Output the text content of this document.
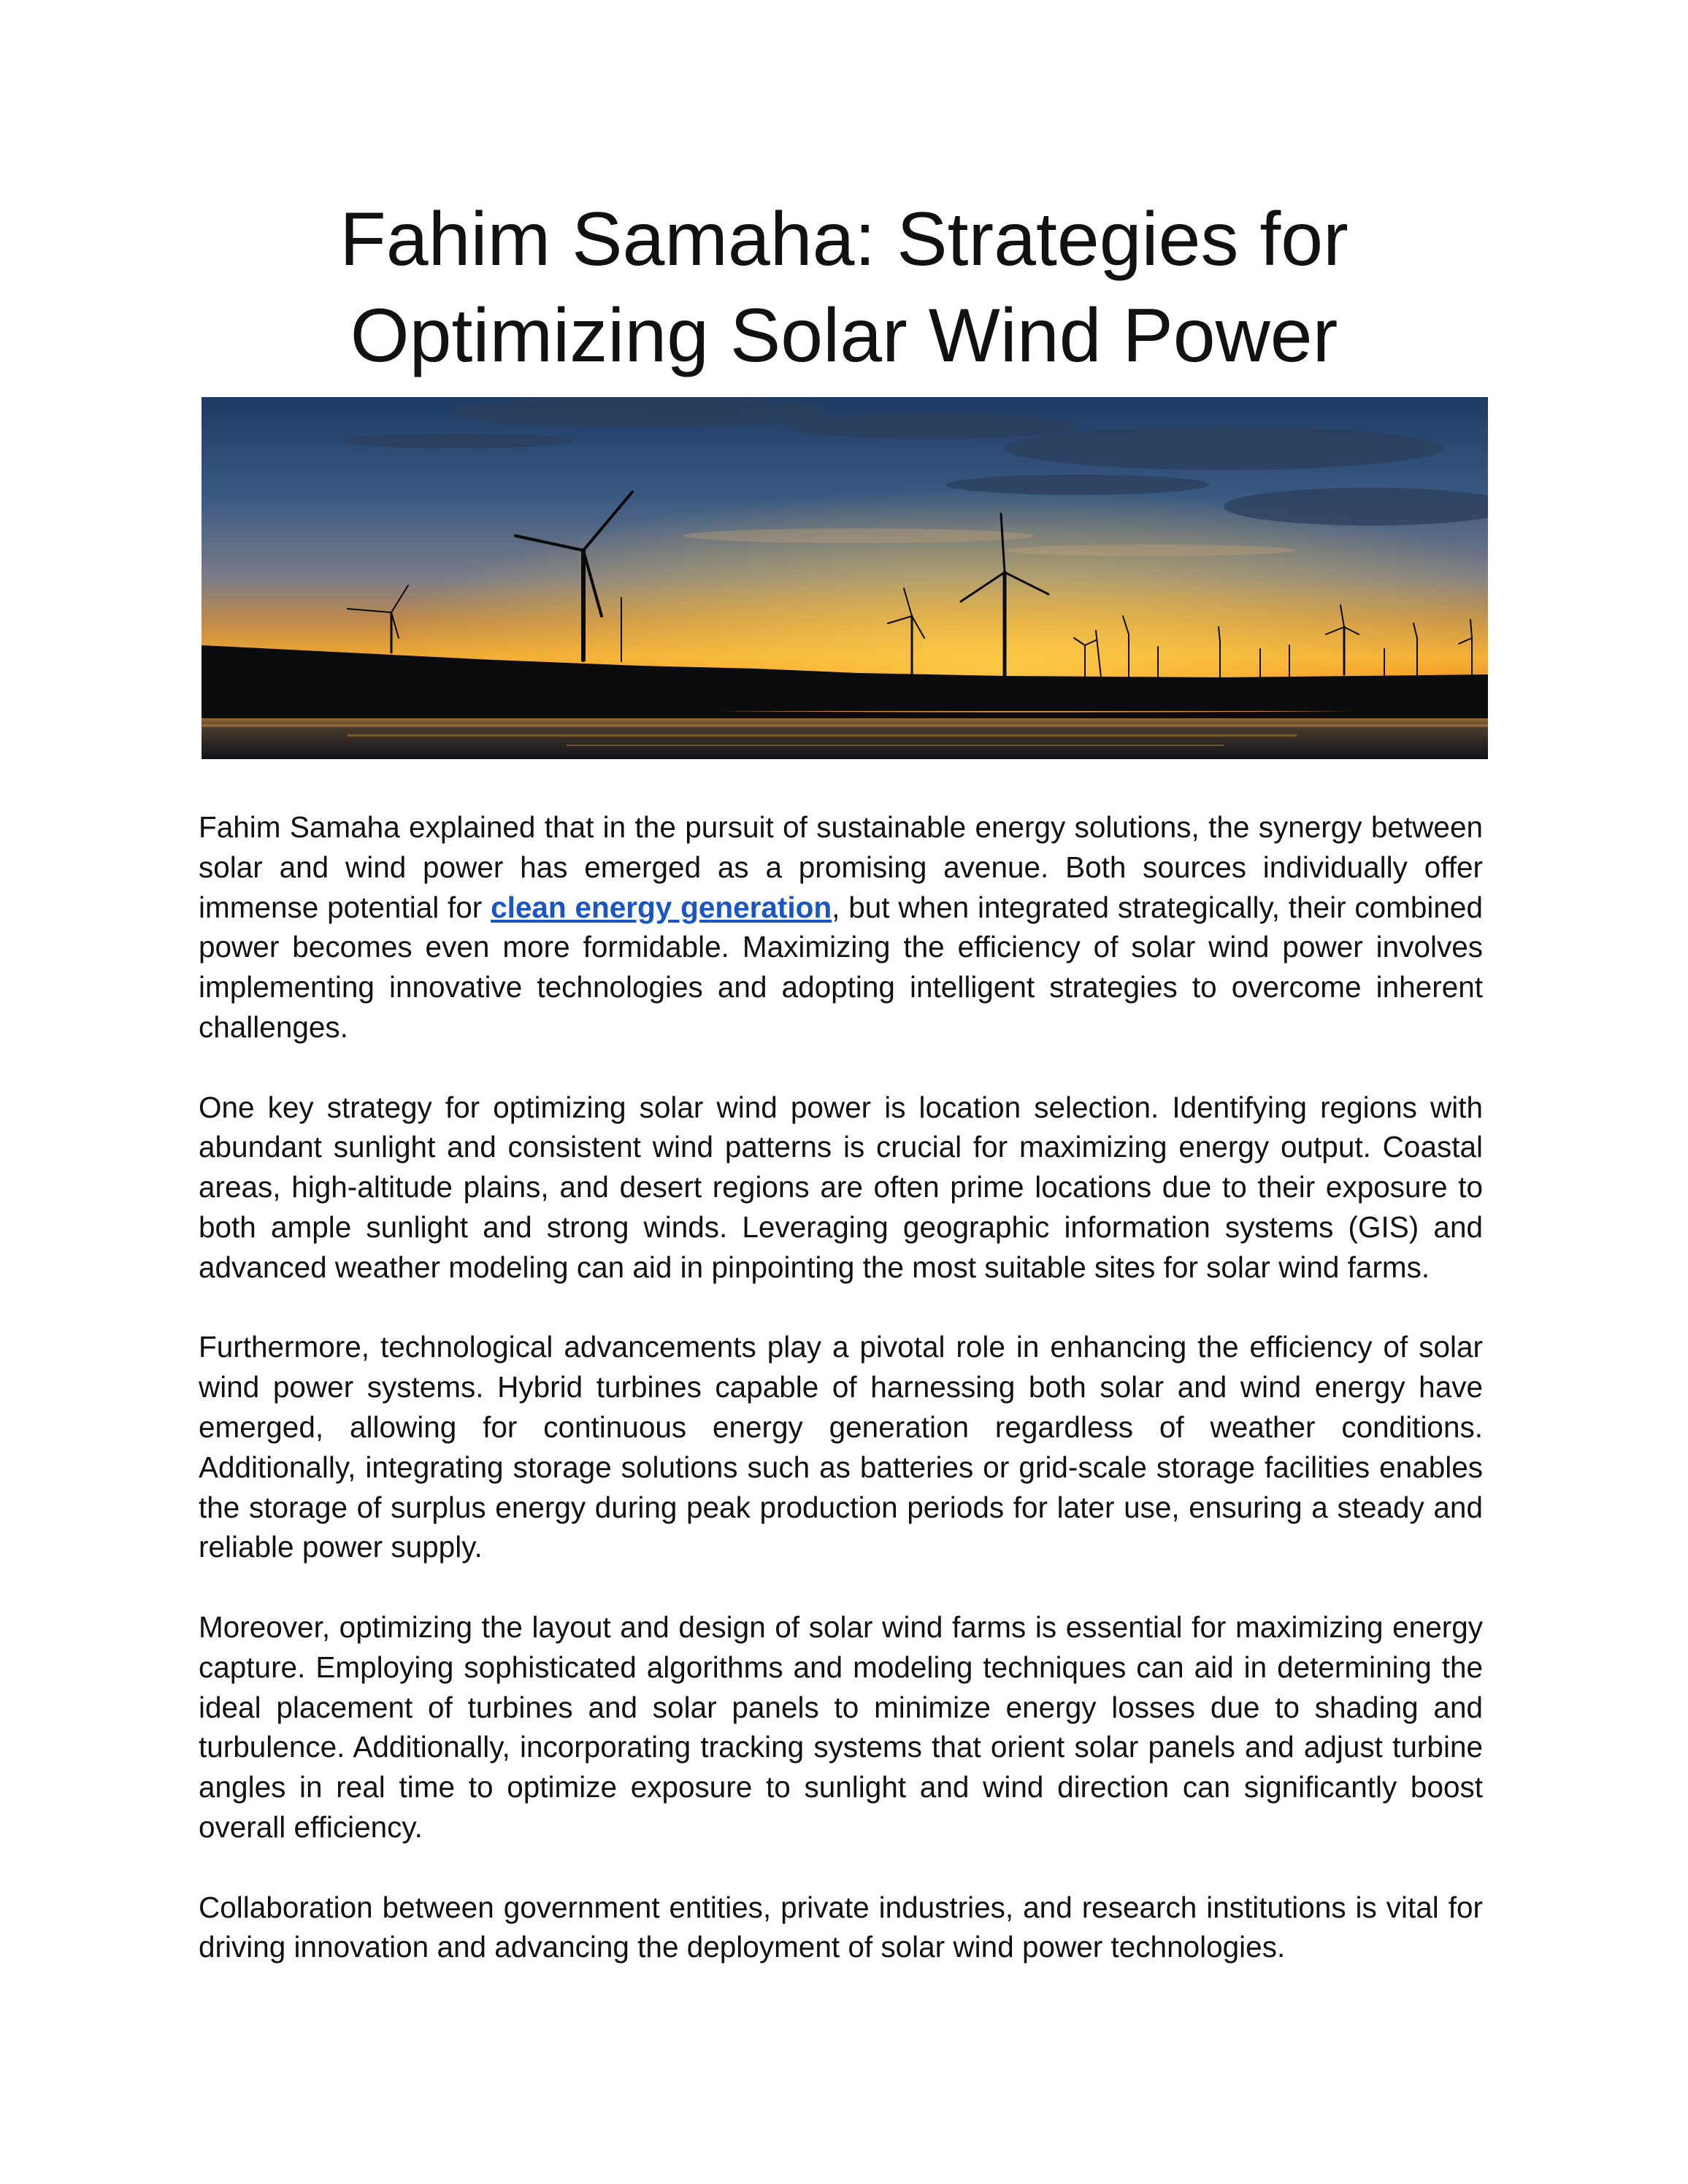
Fahim Samaha: Strategies for
Optimizing Solar Wind Power

Fahim Samaha explained that in the pursuit of sustainable energy solutions, the synergy between solar and wind power has emerged as a promising avenue. Both sources individually offer immense potential for clean energy generation, but when integrated strategically, their combined power becomes even more formidable. Maximizing the efficiency of solar wind power involves implementing innovative technologies and adopting intelligent strategies to overcome inherent challenges.

One key strategy for optimizing solar wind power is location selection. Identifying regions with abundant sunlight and consistent wind patterns is crucial for maximizing energy output. Coastal areas, high-altitude plains, and desert regions are often prime locations due to their exposure to both ample sunlight and strong winds. Leveraging geographic information systems (GIS) and advanced weather modeling can aid in pinpointing the most suitable sites for solar wind farms.

Furthermore, technological advancements play a pivotal role in enhancing the efficiency of solar wind power systems. Hybrid turbines capable of harnessing both solar and wind energy have emerged, allowing for continuous energy generation regardless of weather conditions. Additionally, integrating storage solutions such as batteries or grid-scale storage facilities enables the storage of surplus energy during peak production periods for later use, ensuring a steady and reliable power supply.

Moreover, optimizing the layout and design of solar wind farms is essential for maximizing energy capture. Employing sophisticated algorithms and modeling techniques can aid in determining the ideal placement of turbines and solar panels to minimize energy losses due to shading and turbulence. Additionally, incorporating tracking systems that orient solar panels and adjust turbine angles in real time to optimize exposure to sunlight and wind direction can significantly boost overall efficiency.

Collaboration between government entities, private industries, and research institutions is vital for driving innovation and advancing the deployment of solar wind power technologies.
